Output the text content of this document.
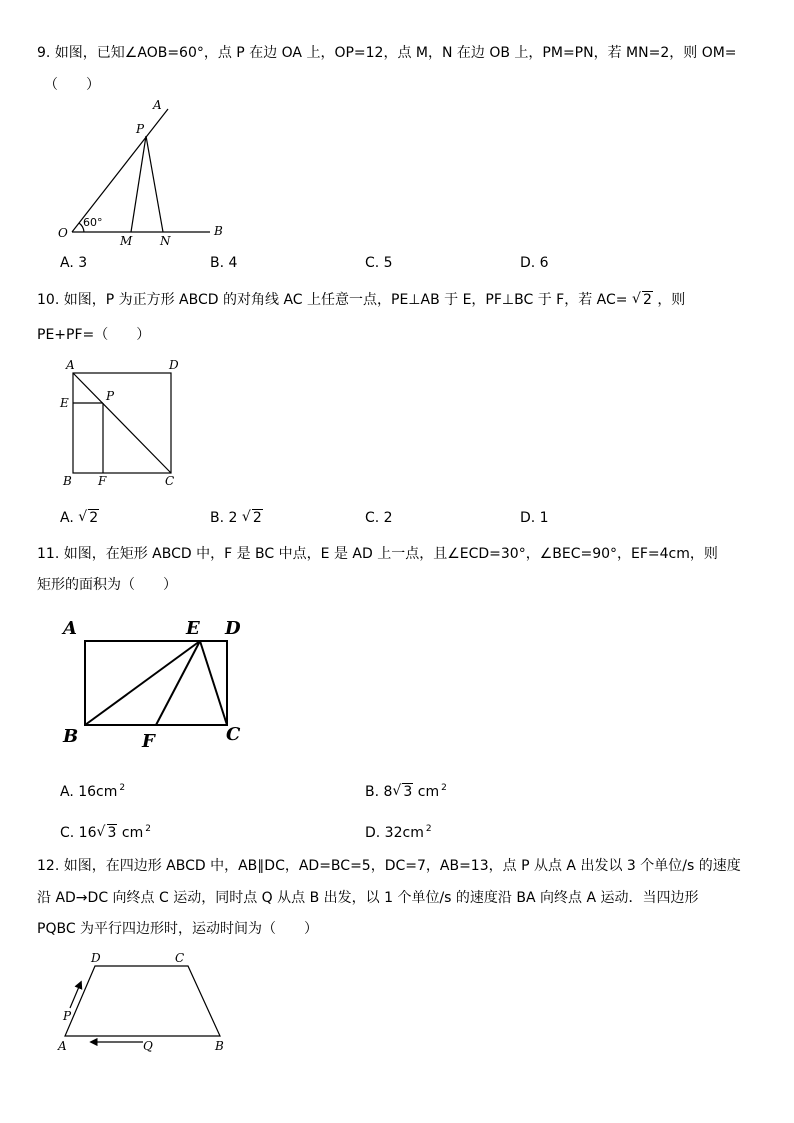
9. 如图，已知∠AOB=60°，点 P 在边 OA 上，OP=12，点 M，N 在边 OB 上，PM=PN，若 MN=2，则 OM=
（　　）
A
P
O
M N
B
60°
A. 3	B. 4	C. 5	D. 6
10. 如图，P 为正方形 ABCD 的对角线 AC 上任意一点，PE⊥AB 于 E，PF⊥BC 于 F，若 AC= √ 2 ，则
PE+PF=（　　）
A	D
E	P
B F	C
A. √ 2	B. 2 √ 2	C. 2	D. 1
11. 如图，在矩形 ABCD 中，F 是 BC 中点，E 是 AD 上一点，且∠ECD=30°，∠BEC=90°，EF=4cm，则
矩形的面积为（　　）
A	E D
B	F	C
A. 16cm $^2$	B. 8 √ 3 cm $^2$
C. 16 √ 3 cm $^2$	D. 32cm $^2$
12. 如图，在四边形 ABCD 中，AB∥DC，AD=BC=5，DC=7，AB=13，点 P 从点 A 出发以 3 个单位/s 的速度
沿 AD→DC 向终点 C 运动，同时点 Q 从点 B 出发，以 1 个单位/s 的速度沿 BA 向终点 A 运动．当四边形
PQBC 为平行四边形时，运动时间为（　　）
D	C
P
A	Q	B
